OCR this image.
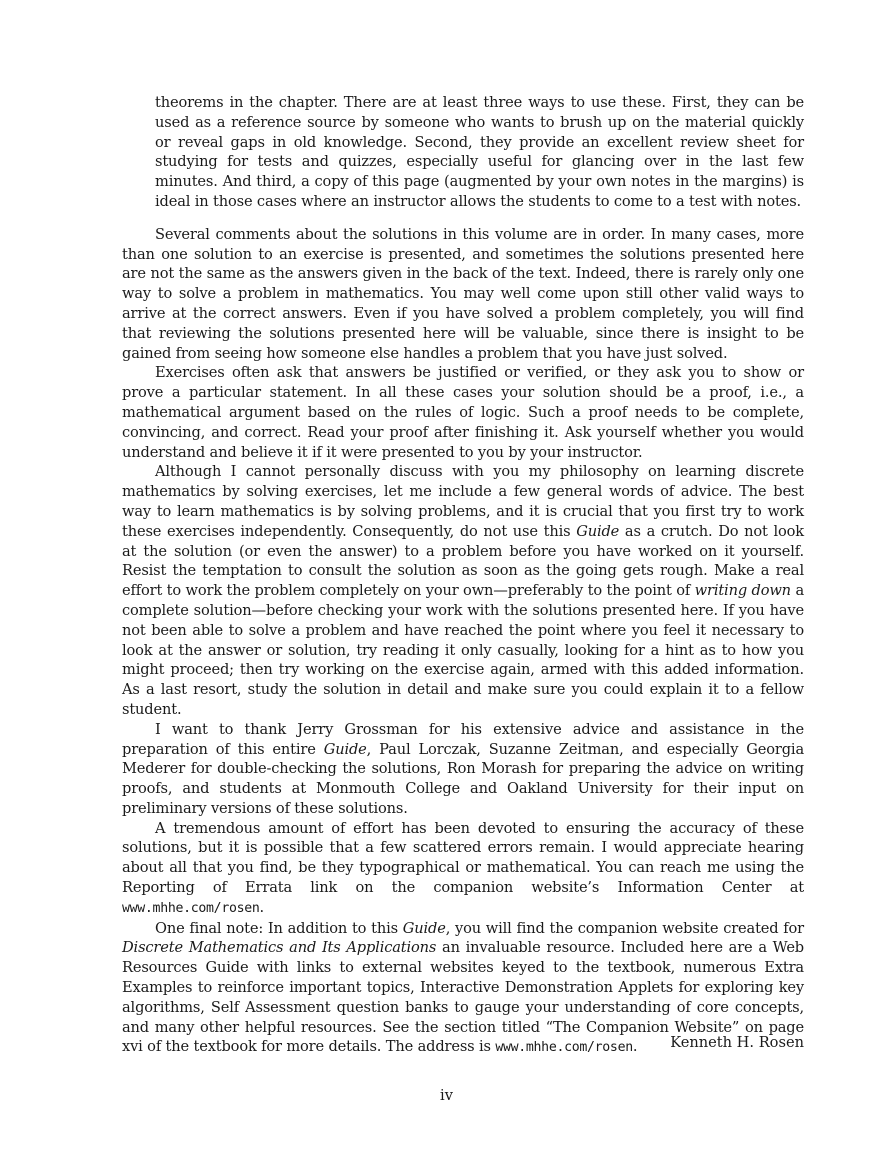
theorems in the chapter. There are at least three ways to use these. First, they can be used as a reference source by someone who wants to brush up on the material quickly or reveal gaps in old knowledge. Second, they provide an excellent review sheet for studying for tests and quizzes, especially useful for glancing over in the last few minutes. And third, a copy of this page (augmented by your own notes in the margins) is ideal in those cases where an instructor allows the students to come to a test with notes.

Several comments about the solutions in this volume are in order. In many cases, more than one solution to an exercise is presented, and sometimes the solutions presented here are not the same as the answers given in the back of the text. Indeed, there is rarely only one way to solve a problem in mathematics. You may well come upon still other valid ways to arrive at the correct answers. Even if you have solved a problem completely, you will find that reviewing the solutions presented here will be valuable, since there is insight to be gained from seeing how someone else handles a problem that you have just solved.

Exercises often ask that answers be justified or verified, or they ask you to show or prove a particular statement. In all these cases your solution should be a proof, i.e., a mathematical argument based on the rules of logic. Such a proof needs to be complete, convincing, and correct. Read your proof after finishing it. Ask yourself whether you would understand and believe it if it were presented to you by your instructor.

Although I cannot personally discuss with you my philosophy on learning discrete mathematics by solving exercises, let me include a few general words of advice. The best way to learn mathematics is by solving problems, and it is crucial that you first try to work these exercises independently. Consequently, do not use this Guide as a crutch. Do not look at the solution (or even the answer) to a problem before you have worked on it yourself. Resist the temptation to consult the solution as soon as the going gets rough. Make a real effort to work the problem completely on your own—preferably to the point of writing down a complete solution—before checking your work with the solutions presented here. If you have not been able to solve a problem and have reached the point where you feel it necessary to look at the answer or solution, try reading it only casually, looking for a hint as to how you might proceed; then try working on the exercise again, armed with this added information. As a last resort, study the solution in detail and make sure you could explain it to a fellow student.

I want to thank Jerry Grossman for his extensive advice and assistance in the preparation of this entire Guide, Paul Lorczak, Suzanne Zeitman, and especially Georgia Mederer for double-checking the solutions, Ron Morash for preparing the advice on writing proofs, and students at Monmouth College and Oakland University for their input on preliminary versions of these solutions.

A tremendous amount of effort has been devoted to ensuring the accuracy of these solutions, but it is possible that a few scattered errors remain. I would appreciate hearing about all that you find, be they typographical or mathematical. You can reach me using the Reporting of Errata link on the companion website’s Information Center at www.mhhe.com/rosen.

One final note: In addition to this Guide, you will find the companion website created for Discrete Mathematics and Its Applications an invaluable resource. Included here are a Web Resources Guide with links to external websites keyed to the textbook, numerous Extra Examples to reinforce important topics, Interactive Demonstration Applets for exploring key algorithms, Self Assessment question banks to gauge your understanding of core concepts, and many other helpful resources. See the section titled “The Companion Website” on page xvi of the textbook for more details. The address is www.mhhe.com/rosen.	Kenneth H. Rosen
iv
